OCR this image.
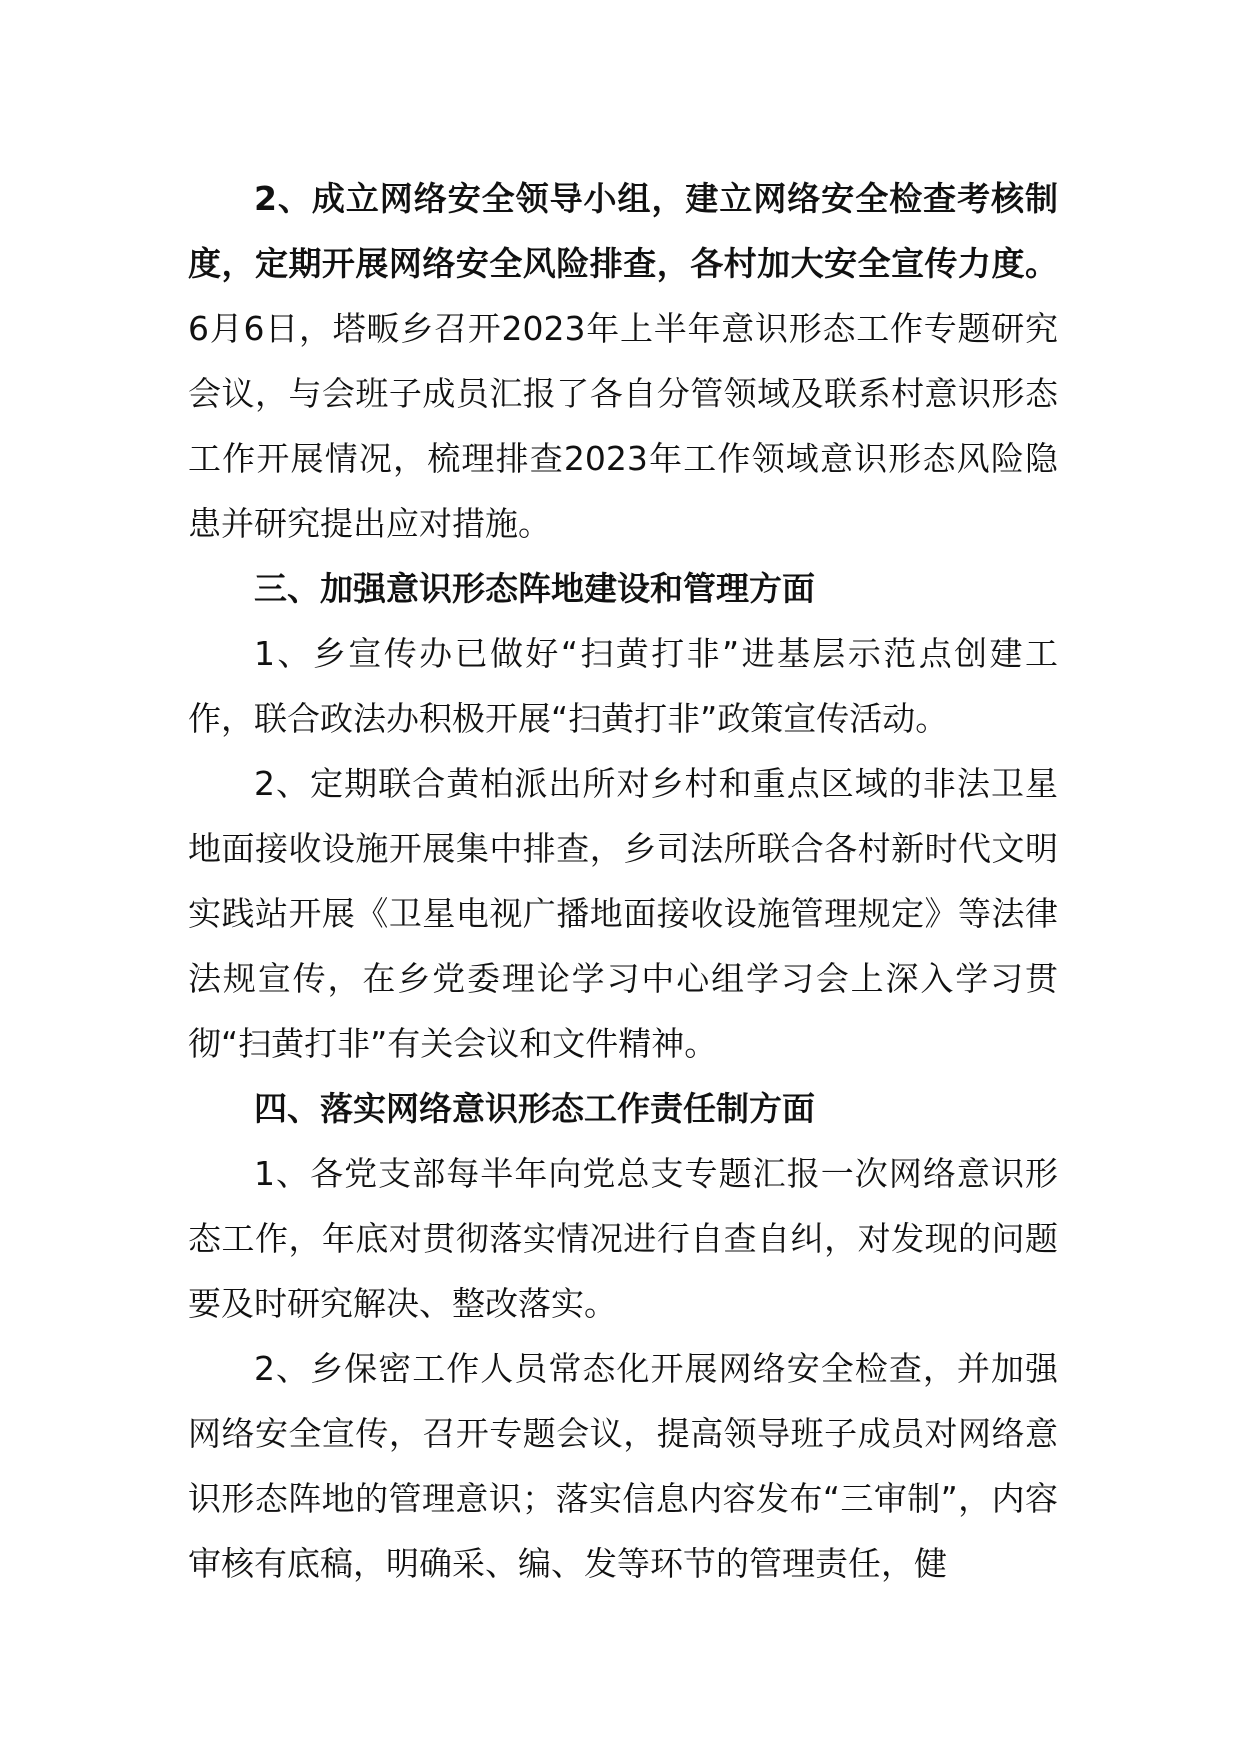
2、成立网络安全领导小组，建立网络安全检查考核制度，定期开展网络安全风险排查，各村加大安全宣传力度。6月6日，塔畈乡召开2023年上半年意识形态工作专题研究会议，与会班子成员汇报了各自分管领域及联系村意识形态工作开展情况，梳理排查2023年工作领域意识形态风险隐患并研究提出应对措施。

三、加强意识形态阵地建设和管理方面

1、乡宣传办已做好“扫黄打非”进基层示范点创建工作，联合政法办积极开展“扫黄打非”政策宣传活动。

2、定期联合黄柏派出所对乡村和重点区域的非法卫星地面接收设施开展集中排查，乡司法所联合各村新时代文明实践站开展《卫星电视广播地面接收设施管理规定》等法律法规宣传，在乡党委理论学习中心组学习会上深入学习贯彻“扫黄打非”有关会议和文件精神。

四、落实网络意识形态工作责任制方面

1、各党支部每半年向党总支专题汇报一次网络意识形态工作，年底对贯彻落实情况进行自查自纠，对发现的问题要及时研究解决、整改落实。

2、乡保密工作人员常态化开展网络安全检查，并加强网络安全宣传，召开专题会议，提高领导班子成员对网络意识形态阵地的管理意识；落实信息内容发布“三审制”，内容审核有底稿，明确采、编、发等环节的管理责任，健
